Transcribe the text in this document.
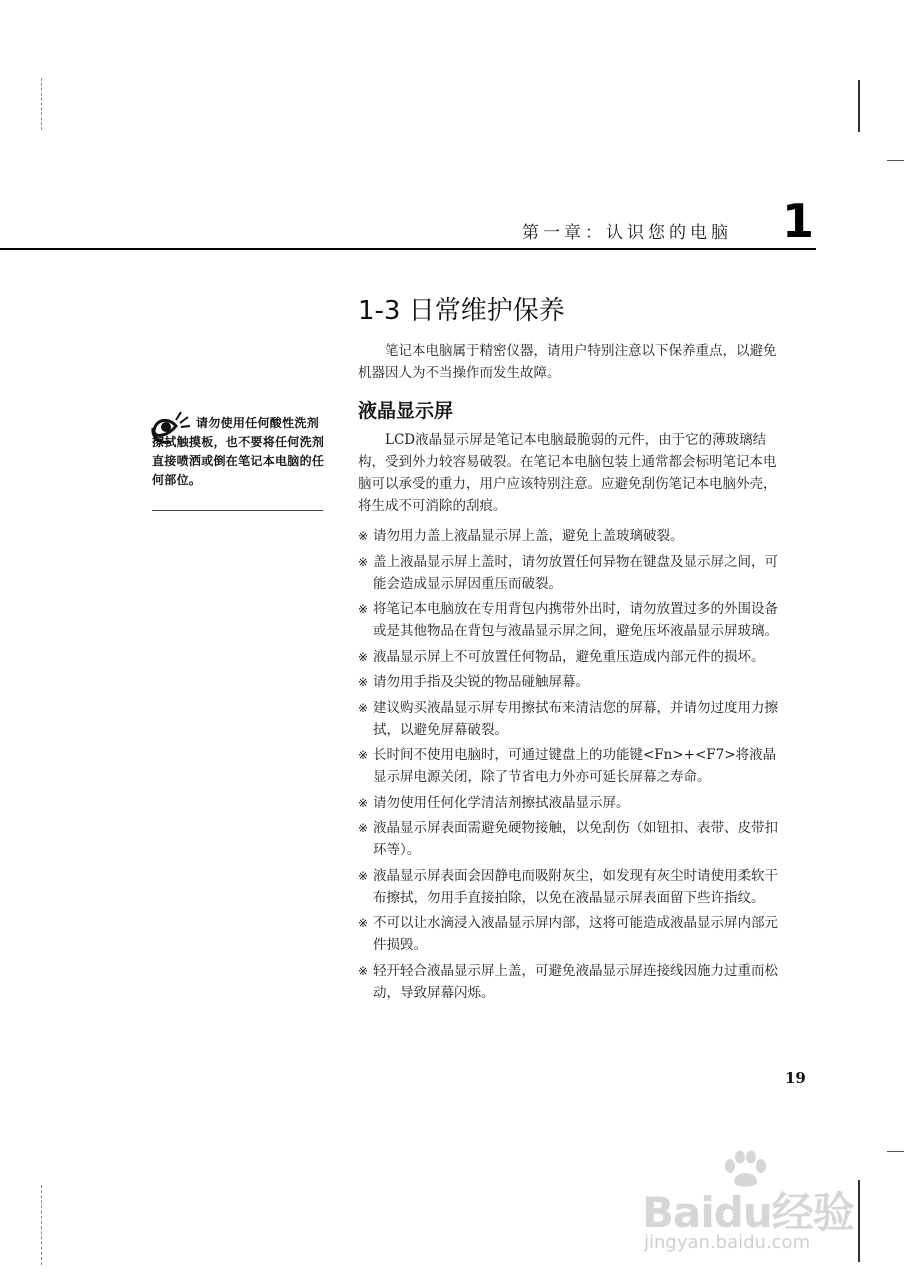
第一章：认识您的电脑 1
1-3 日常维护保养

笔记本电脑属于精密仪器，请用户特别注意以下保养重点，以避免机器因人为不当操作而发生故障。

液晶显示屏

LCD液晶显示屏是笔记本电脑最脆弱的元件，由于它的薄玻璃结构，受到外力较容易破裂。在笔记本电脑包装上通常都会标明笔记本电脑可以承受的重力，用户应该特别注意。应避免刮伤笔记本电脑外壳，将生成不可消除的刮痕。

※ 请勿用力盖上液晶显示屏上盖，避免上盖玻璃破裂。
※ 盖上液晶显示屏上盖时，请勿放置任何异物在键盘及显示屏之间，可能会造成显示屏因重压而破裂。
※ 将笔记本电脑放在专用背包内携带外出时，请勿放置过多的外围设备或是其他物品在背包与液晶显示屏之间，避免压坏液晶显示屏玻璃。
※ 液晶显示屏上不可放置任何物品，避免重压造成内部元件的损坏。
※ 请勿用手指及尖锐的物品碰触屏幕。
※ 建议购买液晶显示屏专用擦拭布来清洁您的屏幕，并请勿过度用力擦拭，以避免屏幕破裂。
※ 长时间不使用电脑时，可通过键盘上的功能键<Fn>+<F7>将液晶显示屏电源关闭，除了节省电力外亦可延长屏幕之寿命。
※ 请勿使用任何化学清洁剂擦拭液晶显示屏。
※ 液晶显示屏表面需避免硬物接触，以免刮伤（如钮扣、表带、皮带扣环等）。
※ 液晶显示屏表面会因静电而吸附灰尘，如发现有灰尘时请使用柔软干布擦拭，勿用手直接拍除，以免在液晶显示屏表面留下些许指纹。
※ 不可以让水滴浸入液晶显示屏内部，这将可能造成液晶显示屏内部元件损毁。
※ 轻开轻合液晶显示屏上盖，可避免液晶显示屏连接线因施力过重而松动，导致屏幕闪烁。

请勿使用任何酸性洗剂擦拭触摸板，也不要将任何洗剂直接喷洒或倒在笔记本电脑的任何部位。

19
Baidu经验
jingyan.baidu.com
